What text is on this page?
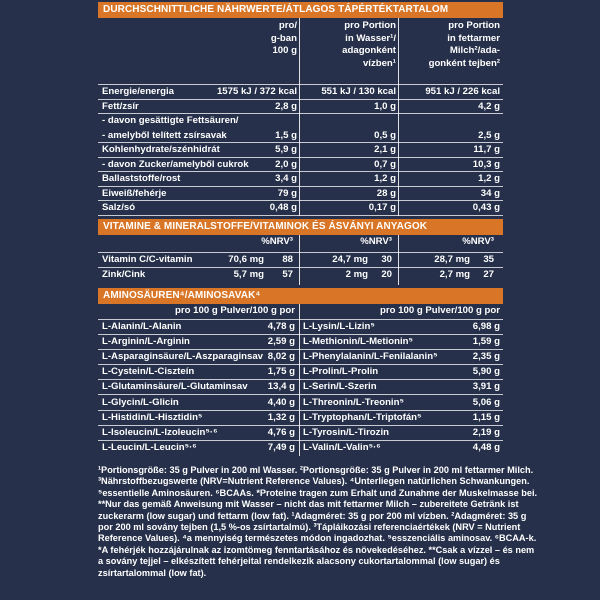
DURCHSCHNITTLICHE NÄHRWERTE/ÁTLAGOS TÁPÉRTÉKTARTALOM
pro/
g-ban
100 g
pro Portion
in Wasser¹/
adagonként
vízben¹
pro Portion
in fettarmer
Milch²/ada-
gonként tejben²
Energie/energia	1575 kJ / 372 kcal	551 kJ / 130 kcal	951 kJ / 226 kcal
Fett/zsír	2,8 g	1,0 g	4,2 g
- davon gesättigte Fettsäuren/
- amelyből telített zsírsavak	1,5 g	0,5 g	2,5 g
Kohlenhydrate/szénhidrát	5,9 g	2,1 g	11,7 g
- davon Zucker/amelyből cukrok	2,0 g	0,7 g	10,3 g
Ballaststoffe/rost	3,4 g	1,2 g	1,2 g
Eiweiß/fehérje	79 g	28 g	34 g
Salz/só	0,48 g	0,17 g	0,43 g
VITAMINE & MINERALSTOFFE/VITAMINOK ÉS ÁSVÁNYI ANYAGOK
%NRV³	%NRV³	%NRV³
Vitamin C/C-vitamin	70,6 mg 88	24,7 mg 30	28,7 mg 35
Zink/Cink	5,7 mg 57	2 mg 20	2,7 mg 27
AMINOSÄUREN⁴/AMINOSAVAK⁴
pro 100 g Pulver/100 g por	pro 100 g Pulver/100 g por
L-Alanin/L-Alanin	4,78 g L-Lysin/L-Lizin⁵	6,98 g
L-Arginin/L-Arginin	2,59 g L-Methionin/L-Metionin⁵	1,59 g
L-Asparaginsäure/L-Aszparaginsav 8,02 g L-Phenylalanin/L-Fenilalanin⁵	2,35 g
L-Cystein/L-Ciszteín	1,75 g L-Prolin/L-Prolin	5,90 g
L-Glutaminsäure/L-Glutaminsav 13,4 g L-Serin/L-Szerin	3,91 g
L-Glycin/L-Glicin	4,40 g L-Threonin/L-Treonin⁵	5,06 g
L-Histidin/L-Hisztidin⁵	1,32 g L-Tryptophan/L-Triptofán⁵	1,15 g
L-Isoleucin/L-Izoleucin⁵·⁶	4,76 g L-Tyrosin/L-Tirozin	2,19 g
L-Leucin/L-Leucin⁵·⁶	7,49 g L-Valin/L-Valin⁵·⁶	4,48 g

¹Portionsgröße: 35 g Pulver in 200 ml Wasser. ²Portionsgröße: 35 g Pulver in 200 ml fettarmer Milch.

³Nährstoffbezugswerte (NRV=Nutrient Reference Values). ⁴Unterliegen natürlichen Schwankungen.

⁵essentielle Aminosäuren. ⁶BCAAs. *Proteine tragen zum Erhalt und Zunahme der Muskelmasse bei.

**Nur das gemäß Anweisung mit Wasser – nicht das mit fettarmer Milch – zubereitete Getränk ist

zuckerarm (low sugar) und fettarm (low fat). ¹Adagméret: 35 g por 200 ml vízben. ²Adagméret: 35 g

por 200 ml sovány tejben (1,5 %-os zsírtartalmú). ³Tápláikozási referenciaértékek (NRV = Nutrient

Reference Values). ⁴a mennyiség természetes módon ingadozhat. ⁵esszenciális aminosav. ⁶BCAA-k.

*A fehérjék hozzájárulnak az izomtömeg fenntartásához és növekedéséhez. **Csak a vízzel – és nem

a sovány tejjel – elkészített fehérjeital rendelkezik alacsony cukortartalommal (low sugar) és

zsírtartalommal (low fat).
